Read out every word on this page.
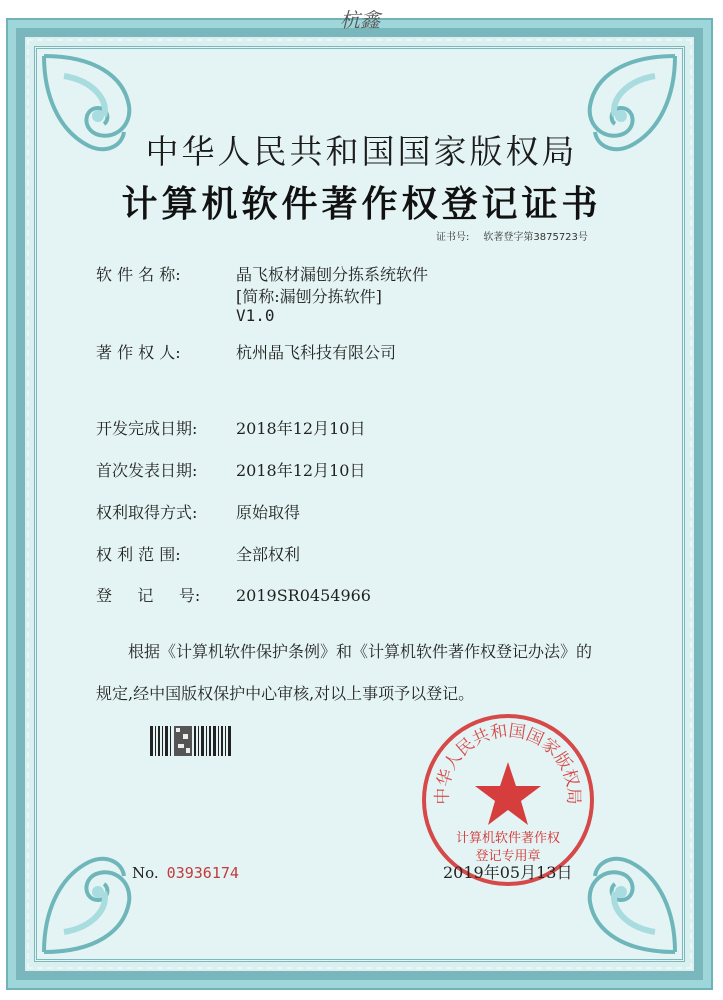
杭鑫
中华人民共和国国家版权局
计算机软件著作权登记证书
证书号: 软著登字第3875723号
软 件 名 称:	晶飞板材漏刨分拣系统软件
[简称:漏刨分拣软件]
V1.0
著 作 权 人:	杭州晶飞科技有限公司
开发完成日期: 2018年12月10日
首次发表日期: 2018年12月10日
权利取得方式: 原始取得
权 利 范 围:	全部权利
登     记     号: 2019SR0454966
根据《计算机软件保护条例》和《计算机软件著作权登记办法》的
规定,经中国版权保护中心审核,对以上事项予以登记。
No. 03936174
中华人民共和国国家版权局
计算机软件著作权
登记专用章
2019年05月13日
